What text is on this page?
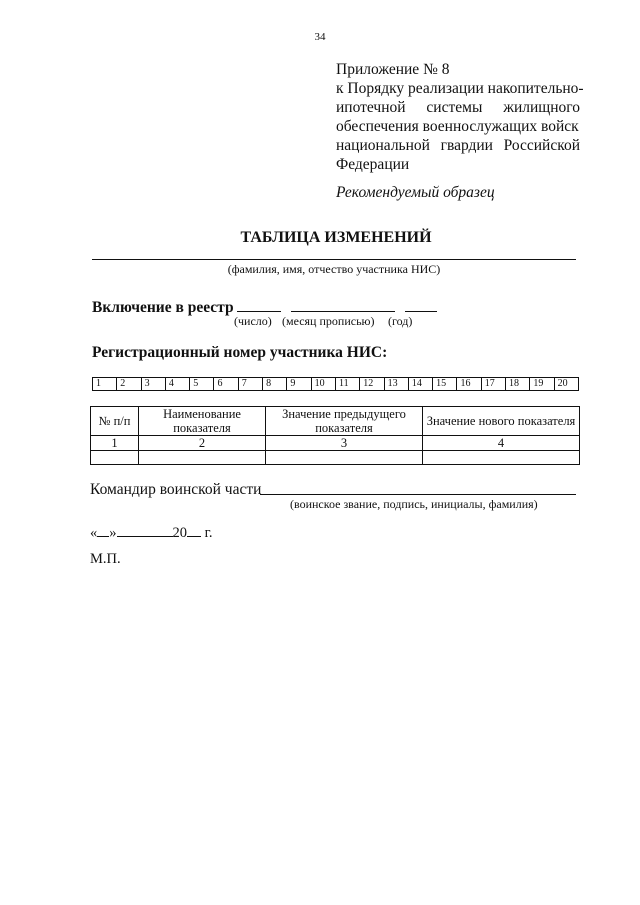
34
Приложение № 8
к Порядку реализации накопительно-
ипотечной системы жилищного
обеспечения военнослужащих войск
национальной гвардии Российской
Федерации
Рекомендуемый образец
ТАБЛИЦА ИЗМЕНЕНИЙ
(фамилия, имя, отчество участника НИС)
Включение в реестр
(число) (месяц прописью) (год)
Регистрационный номер участника НИС:
1	2	3	4	5	6	7	8	9	10	11	12	13	14	15	16	17	18	19	20
№ п/п	Наименование показателя	Значение предыдущего показателя	Значение нового показателя
1	2	3	4

Командир воинской части
(воинское звание, подпись, инициалы, фамилия)
« »	20 г.
М.П.
